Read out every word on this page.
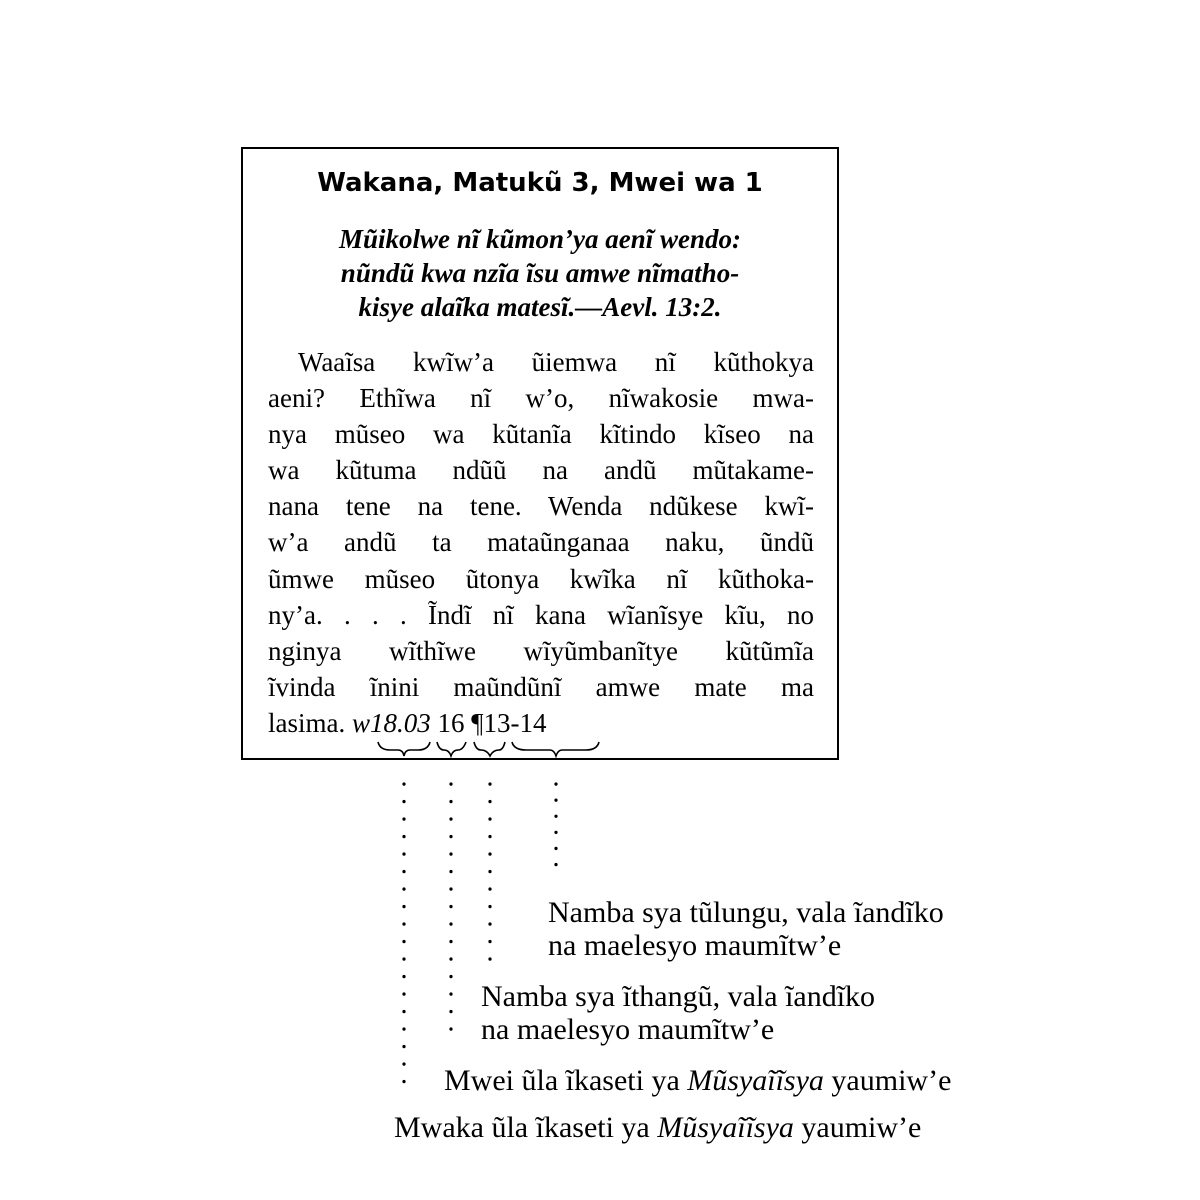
Wakana, Matukũ 3, Mwei wa 1
Mũikolwe nĩ kũmon’ya aenĩ wendo:
nũndũ kwa nzĩa ĩsu amwe nĩmatho-
kisye alaĩka matesĩ.—Aevl. 13:2.
Waaĩsa kwĩw’a ũiemwa nĩ kũthokya
aeni? Ethĩwa nĩ w’o, nĩwakosie mwa-
nya mũseo wa kũtanĩa kĩtindo kĩseo na
wa kũtuma ndũũ na andũ mũtakame-
nana tene na tene. Wenda ndũkese kwĩ-
w’a andũ ta mataũnganaa naku, ũndũ
ũmwe mũseo ũtonya kwĩka nĩ kũthoka-
ny’a. . . . Ĩndĩ nĩ kana wĩanĩsye kĩu, no
nginya wĩthĩwe wĩyũmbanĩtye kũtũmĩa
ĩvinda ĩnini maũndũnĩ amwe mate ma
lasima. w18.03 16 ¶13-14
Namba sya tũlungu, vala ĩandĩko
na maelesyo maumĩtw’e
Namba sya ĩthangũ, vala ĩandĩko
na maelesyo maumĩtw’e
Mwei ũla ĩkaseti ya Mũsyaĩĩsya yaumiw’e
Mwaka ũla ĩkaseti ya Mũsyaĩĩsya yaumiw’e
